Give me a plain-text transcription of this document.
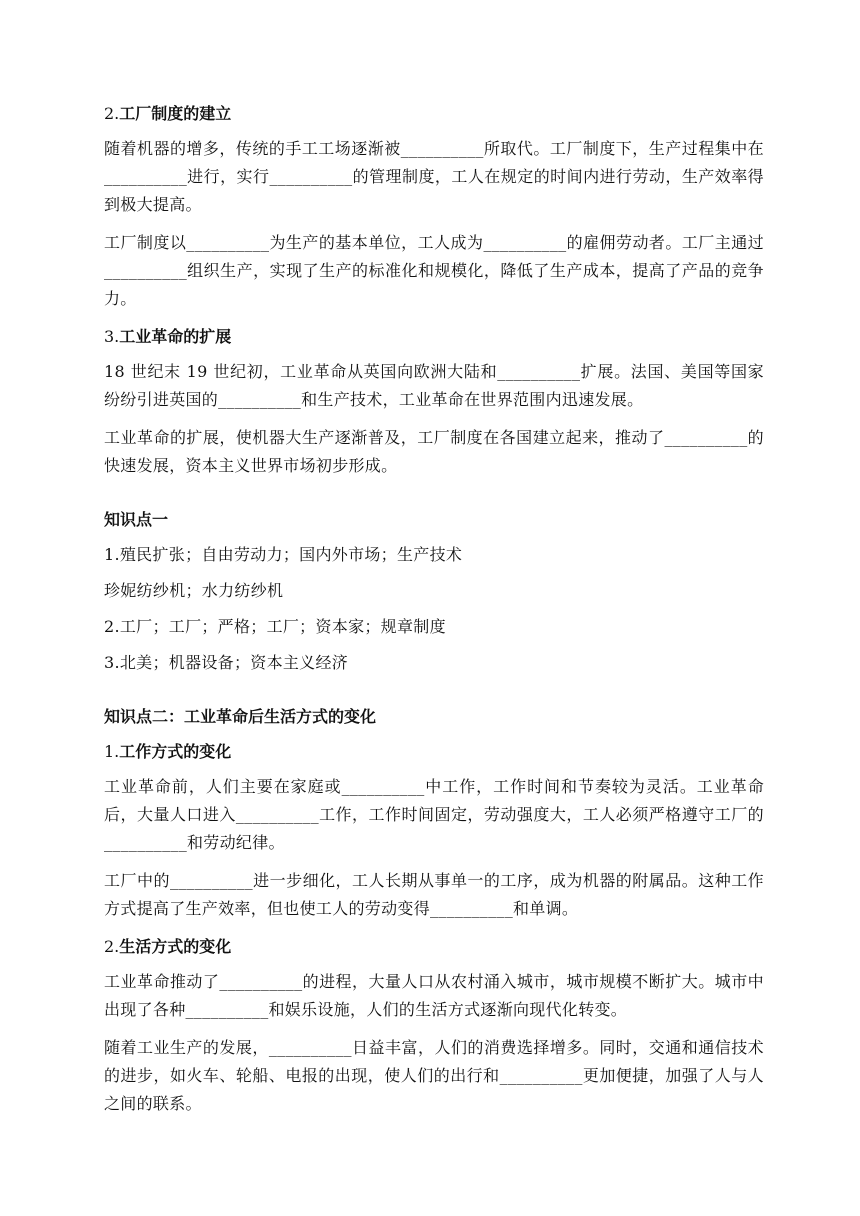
2.工厂制度的建立

随着机器的增多，传统的手工工场逐渐被__________所取代。工厂制度下，生产过程集中在__________进行，实行__________的管理制度，工人在规定的时间内进行劳动，生产效率得到极大提高。

工厂制度以__________为生产的基本单位，工人成为__________的雇佣劳动者。工厂主通过__________组织生产，实现了生产的标准化和规模化，降低了生产成本，提高了产品的竞争力。

3.工业革命的扩展

18 世纪末 19 世纪初，工业革命从英国向欧洲大陆和__________扩展。法国、美国等国家纷纷引进英国的__________和生产技术，工业革命在世界范围内迅速发展。

工业革命的扩展，使机器大生产逐渐普及，工厂制度在各国建立起来，推动了__________的快速发展，资本主义世界市场初步形成。

知识点一

1.殖民扩张；自由劳动力；国内外市场；生产技术

珍妮纺纱机；水力纺纱机

2.工厂；工厂；严格；工厂；资本家；规章制度

3.北美；机器设备；资本主义经济

知识点二：工业革命后生活方式的变化
1.工作方式的变化

工业革命前，人们主要在家庭或__________中工作，工作时间和节奏较为灵活。工业革命后，大量人口进入__________工作，工作时间固定，劳动强度大，工人必须严格遵守工厂的__________和劳动纪律。

工厂中的__________进一步细化，工人长期从事单一的工序，成为机器的附属品。这种工作方式提高了生产效率，但也使工人的劳动变得__________和单调。

2.生活方式的变化

工业革命推动了__________的进程，大量人口从农村涌入城市，城市规模不断扩大。城市中出现了各种__________和娱乐设施，人们的生活方式逐渐向现代化转变。

随着工业生产的发展，__________日益丰富，人们的消费选择增多。同时，交通和通信技术的进步，如火车、轮船、电报的出现，使人们的出行和__________更加便捷，加强了人与人之间的联系。
